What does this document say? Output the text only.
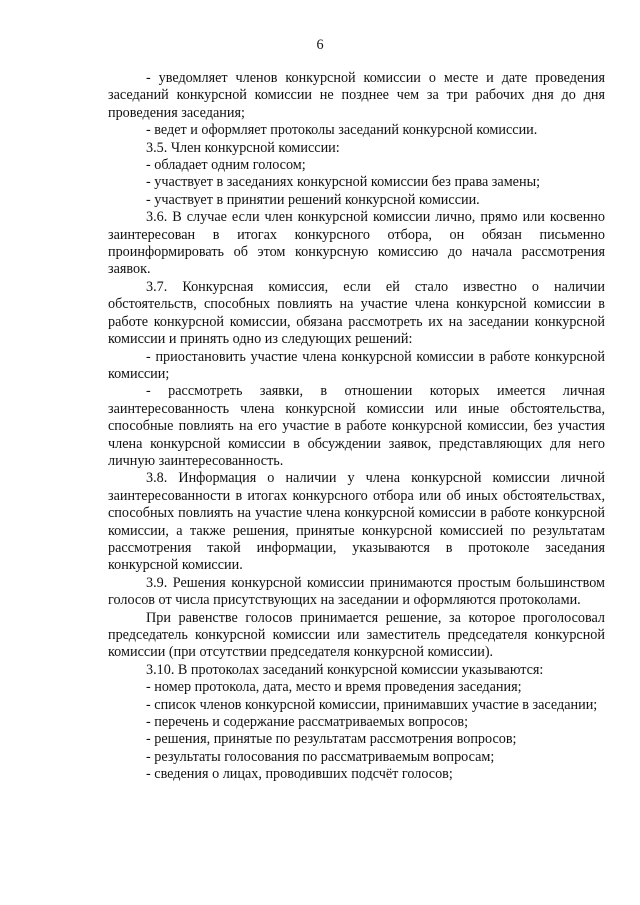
6

- уведомляет членов конкурсной комиссии о месте и дате проведения заседаний конкурсной комиссии не позднее чем за три рабочих дня до дня проведения заседания;

- ведет и оформляет протоколы заседаний конкурсной комиссии.

3.5. Член конкурсной комиссии:

- обладает одним голосом;

- участвует в заседаниях конкурсной комиссии без права замены;

- участвует в принятии решений конкурсной комиссии.

3.6. В случае если член конкурсной комиссии лично, прямо или косвенно заинтересован в итогах конкурсного отбора, он обязан письменно проинформировать об этом конкурсную комиссию до начала рассмотрения заявок.

3.7. Конкурсная комиссия, если ей стало известно о наличии обстоятельств, способных повлиять на участие члена конкурсной комиссии в работе конкурсной комиссии, обязана рассмотреть их на заседании конкурсной комиссии и принять одно из следующих решений:

- приостановить участие члена конкурсной комиссии в работе конкурсной комиссии;

- рассмотреть заявки, в отношении которых имеется личная заинтересованность члена конкурсной комиссии или иные обстоятельства, способные повлиять на его участие в работе конкурсной комиссии, без участия члена конкурсной комиссии в обсуждении заявок, представляющих для него личную заинтересованность.

3.8. Информация о наличии у члена конкурсной комиссии личной заинтересованности в итогах конкурсного отбора или об иных обстоятельствах, способных повлиять на участие члена конкурсной комиссии в работе конкурсной комиссии, а также решения, принятые конкурсной комиссией по результатам рассмотрения такой информации, указываются в протоколе заседания конкурсной комиссии.

3.9. Решения конкурсной комиссии принимаются простым большинством голосов от числа присутствующих на заседании и оформляются протоколами.

При равенстве голосов принимается решение, за которое проголосовал председатель конкурсной комиссии или заместитель председателя конкурсной комиссии (при отсутствии председателя конкурсной комиссии).

3.10. В протоколах заседаний конкурсной комиссии указываются:

- номер протокола, дата, место и время проведения заседания;

- список членов конкурсной комиссии, принимавших участие в заседании;

- перечень и содержание рассматриваемых вопросов;

- решения, принятые по результатам рассмотрения вопросов;

- результаты голосования по рассматриваемым вопросам;

- сведения о лицах, проводивших подсчёт голосов;
